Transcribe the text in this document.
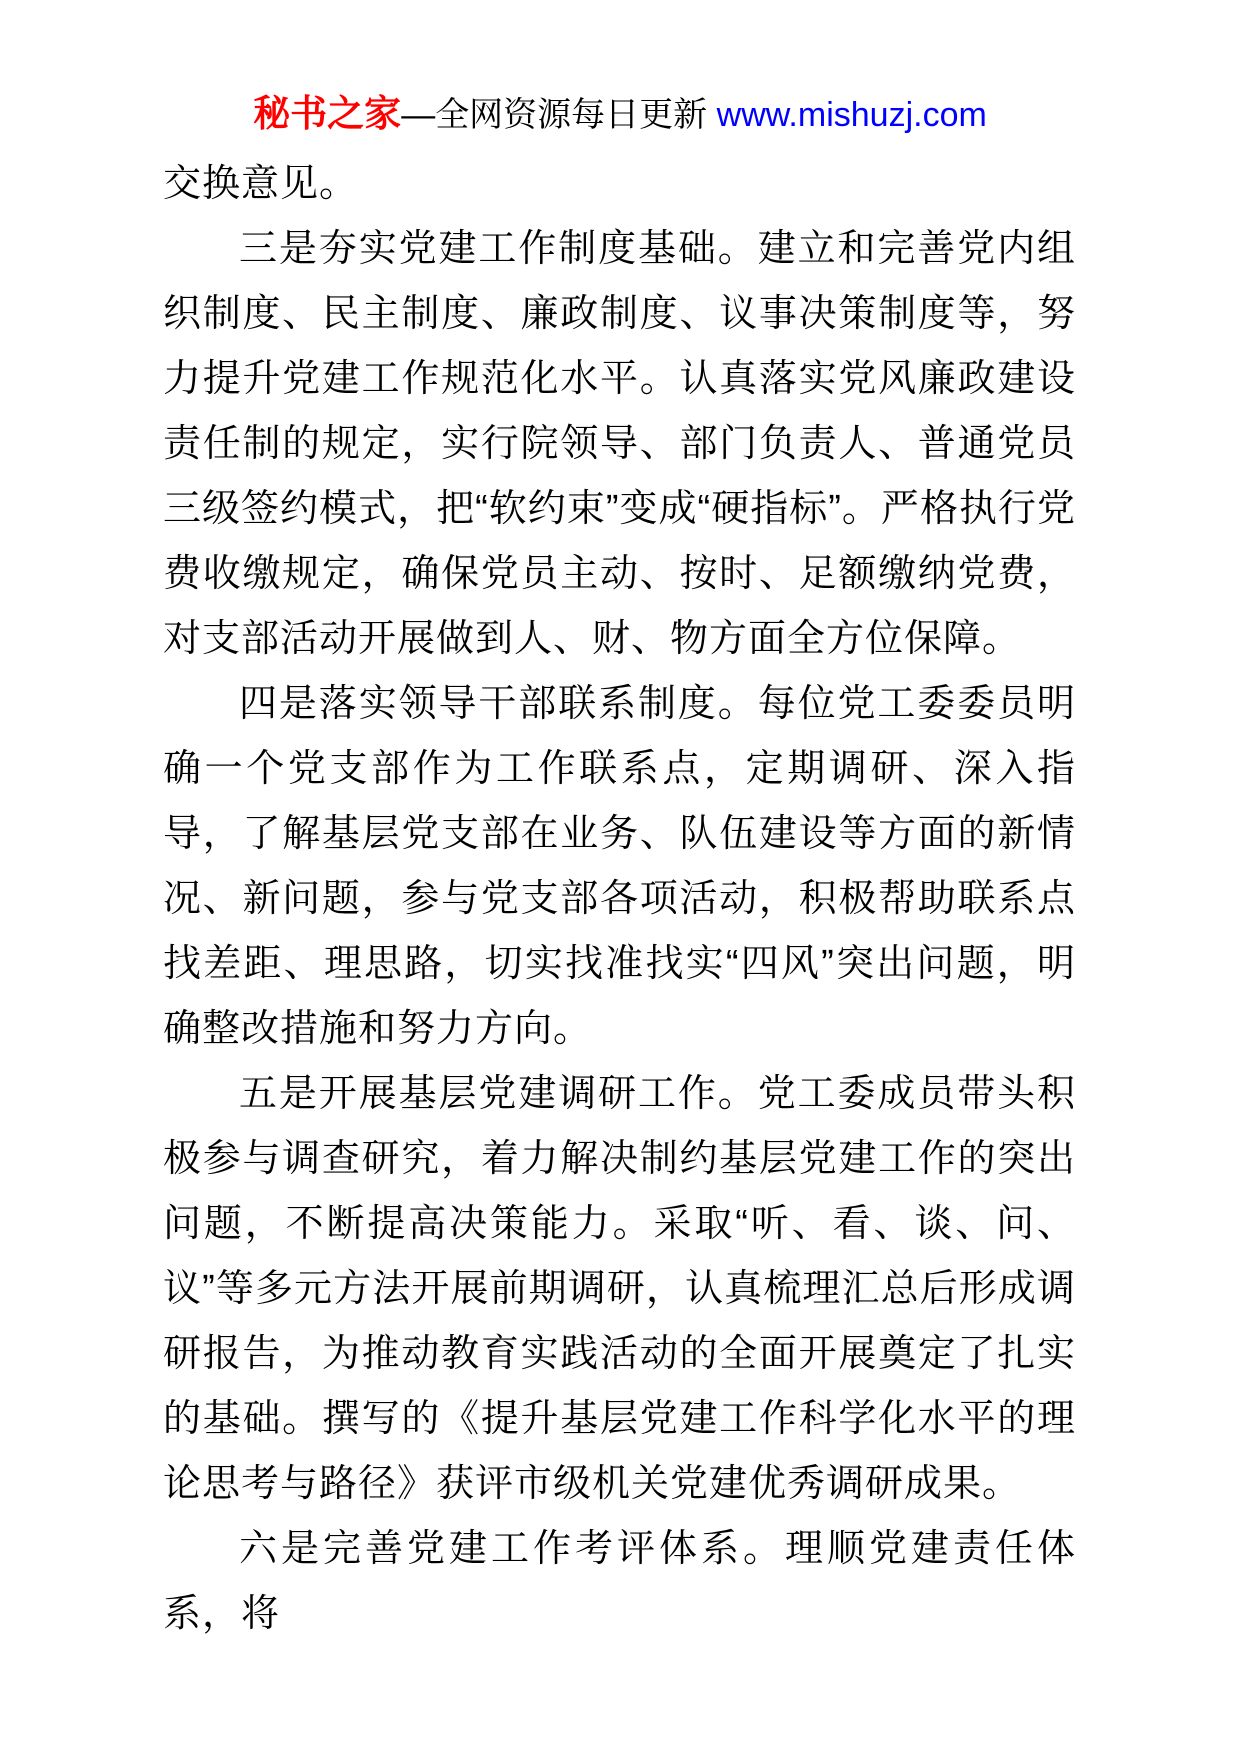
秘书之家—全网资源每日更新 www.mishuzj.com

交换意见。

三是夯实党建工作制度基础。建立和完善党内组织制度、民主制度、廉政制度、议事决策制度等，努力提升党建工作规范化水平。认真落实党风廉政建设责任制的规定，实行院领导、部门负责人、普通党员三级签约模式，把“软约束”变成“硬指标”。严格执行党费收缴规定，确保党员主动、按时、足额缴纳党费，对支部活动开展做到人、财、物方面全方位保障。

四是落实领导干部联系制度。每位党工委委员明确一个党支部作为工作联系点，定期调研、深入指导，了解基层党支部在业务、队伍建设等方面的新情况、新问题，参与党支部各项活动，积极帮助联系点找差距、理思路，切实找准找实“四风”突出问题，明确整改措施和努力方向。

五是开展基层党建调研工作。党工委成员带头积极参与调查研究，着力解决制约基层党建工作的突出问题，不断提高决策能力。采取“听、看、谈、问、议”等多元方法开展前期调研，认真梳理汇总后形成调研报告，为推动教育实践活动的全面开展奠定了扎实的基础。撰写的《提升基层党建工作科学化水平的理论思考与路径》获评市级机关党建优秀调研成果。

六是完善党建工作考评体系。理顺党建责任体系，将
